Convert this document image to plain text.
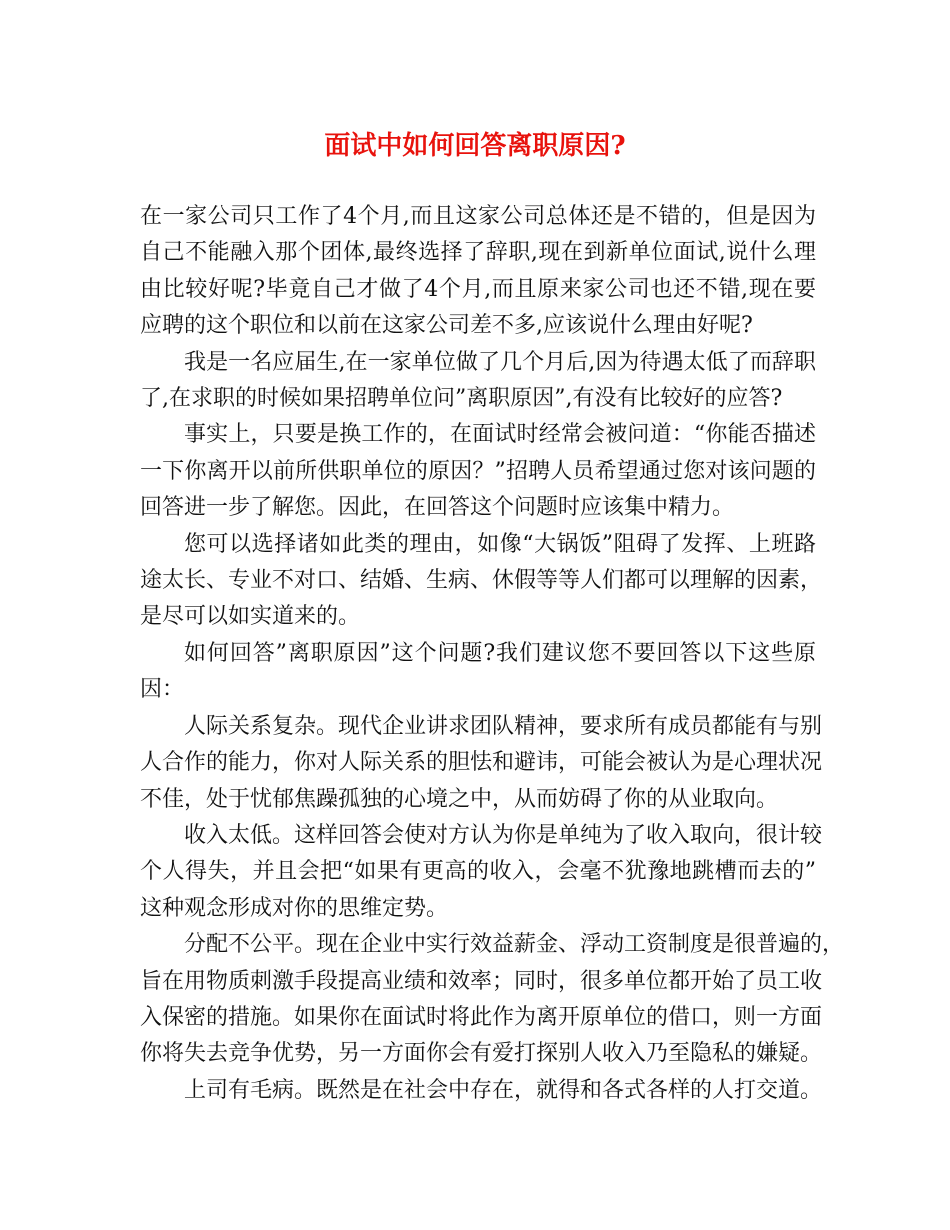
面试中如何回答离职原因?

在一家公司只工作了4个月,而且这家公司总体还是不错的，但是因为
自己不能融入那个团体,最终选择了辞职,现在到新单位面试,说什么理
由比较好呢?毕竟自己才做了4个月,而且原来家公司也还不错,现在要
应聘的这个职位和以前在这家公司差不多,应该说什么理由好呢?

我是一名应届生,在一家单位做了几个月后,因为待遇太低了而辞职
了,在求职的时候如果招聘单位问”离职原因”,有没有比较好的应答?

事实上，只要是换工作的，在面试时经常会被问道：“你能否描述
一下你离开以前所供职单位的原因？”招聘人员希望通过您对该问题的
回答进一步了解您。因此，在回答这个问题时应该集中精力。

您可以选择诸如此类的理由，如像“大锅饭”阻碍了发挥、上班路
途太长、专业不对口、结婚、生病、休假等等人们都可以理解的因素，
是尽可以如实道来的。

如何回答”离职原因”这个问题?我们建议您不要回答以下这些原
因：

人际关系复杂。现代企业讲求团队精神，要求所有成员都能有与别
人合作的能力，你对人际关系的胆怯和避讳，可能会被认为是心理状况
不佳，处于忧郁焦躁孤独的心境之中，从而妨碍了你的从业取向。

收入太低。这样回答会使对方认为你是单纯为了收入取向，很计较
个人得失，并且会把“如果有更高的收入，会毫不犹豫地跳槽而去的”
这种观念形成对你的思维定势。

分配不公平。现在企业中实行效益薪金、浮动工资制度是很普遍的，
旨在用物质刺激手段提高业绩和效率；同时，很多单位都开始了员工收
入保密的措施。如果你在面试时将此作为离开原单位的借口，则一方面
你将失去竞争优势，另一方面你会有爱打探别人收入乃至隐私的嫌疑。

上司有毛病。既然是在社会中存在，就得和各式各样的人打交道。
